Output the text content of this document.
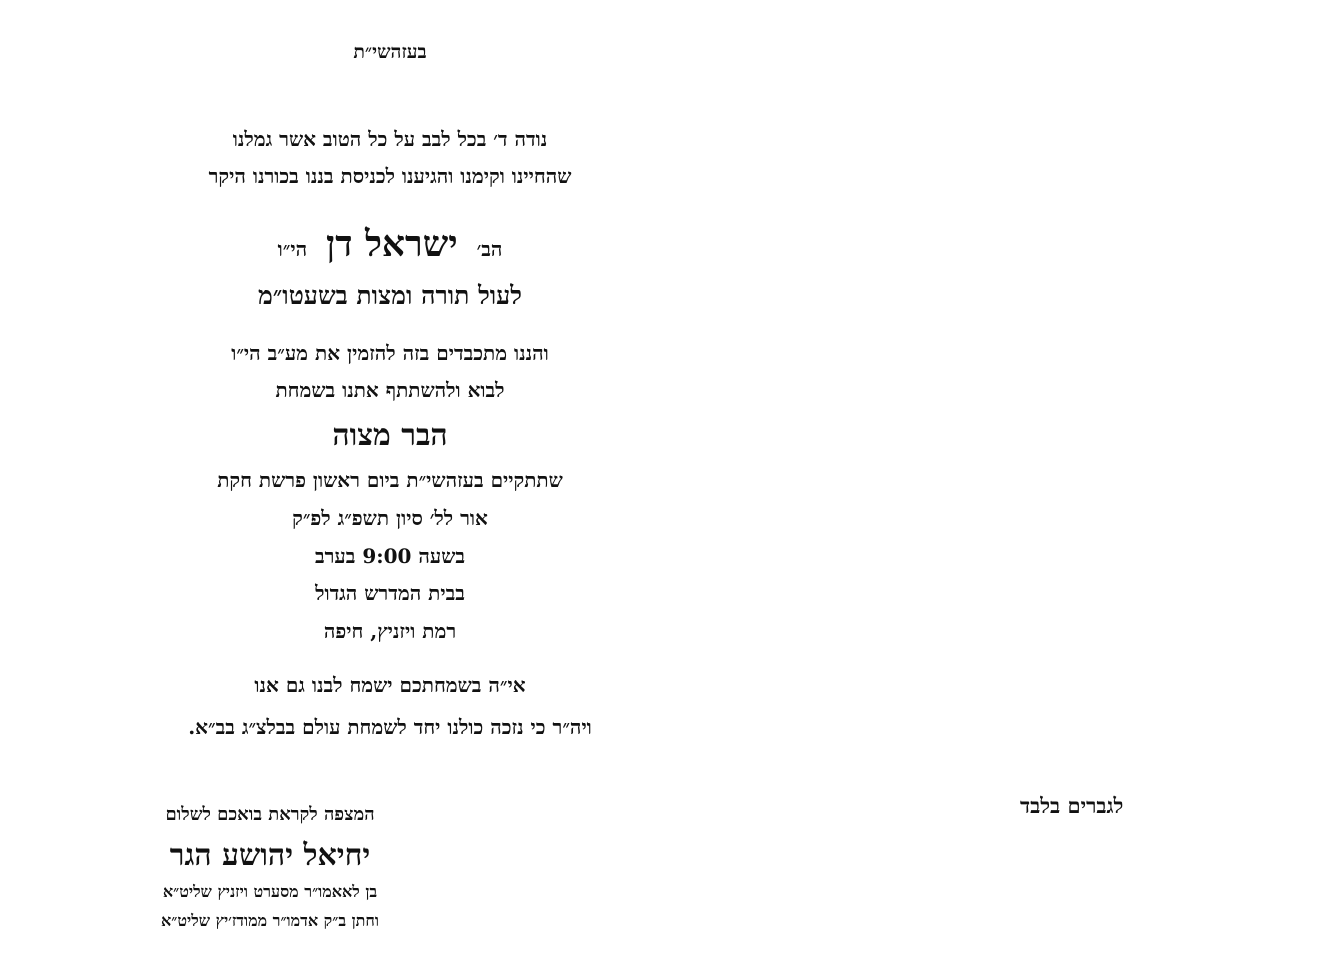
בעזהשי״ת
נודה ד׳ בכל לבב על כל הטוב אשר גמלנו
שהחיינו וקימנו והגיענו לכניסת בננו בכורנו היקר
הב׳ ישראל דן הי״ו
לעול תורה ומצות בשעטו״מ
והננו מתכבדים בזה להזמין את מע״ב הי״ו
לבוא ולהשתתף אתנו בשמחת
הבר מצוה
שתתקיים בעזהשי״ת ביום ראשון פרשת חקת
אור לל׳ סיון תשפ״ג לפ״ק
בשעה 9:00 בערב
בבית המדרש הגדול
רמת ויזניץ, חיפה
אי״ה בשמחתכם ישמח לבנו גם אנו
ויה״ר כי נזכה כולנו יחד לשמחת עולם בבלצ״ג בב״א.
לגברים בלבד
המצפה לקראת בואכם לשלום
יחיאל יהושע הגר
בן לאאמו״ר מסערט ויזניץ שליט״א
וחתן ב״ק אדמו״ר ממודז׳יץ שליט״א
